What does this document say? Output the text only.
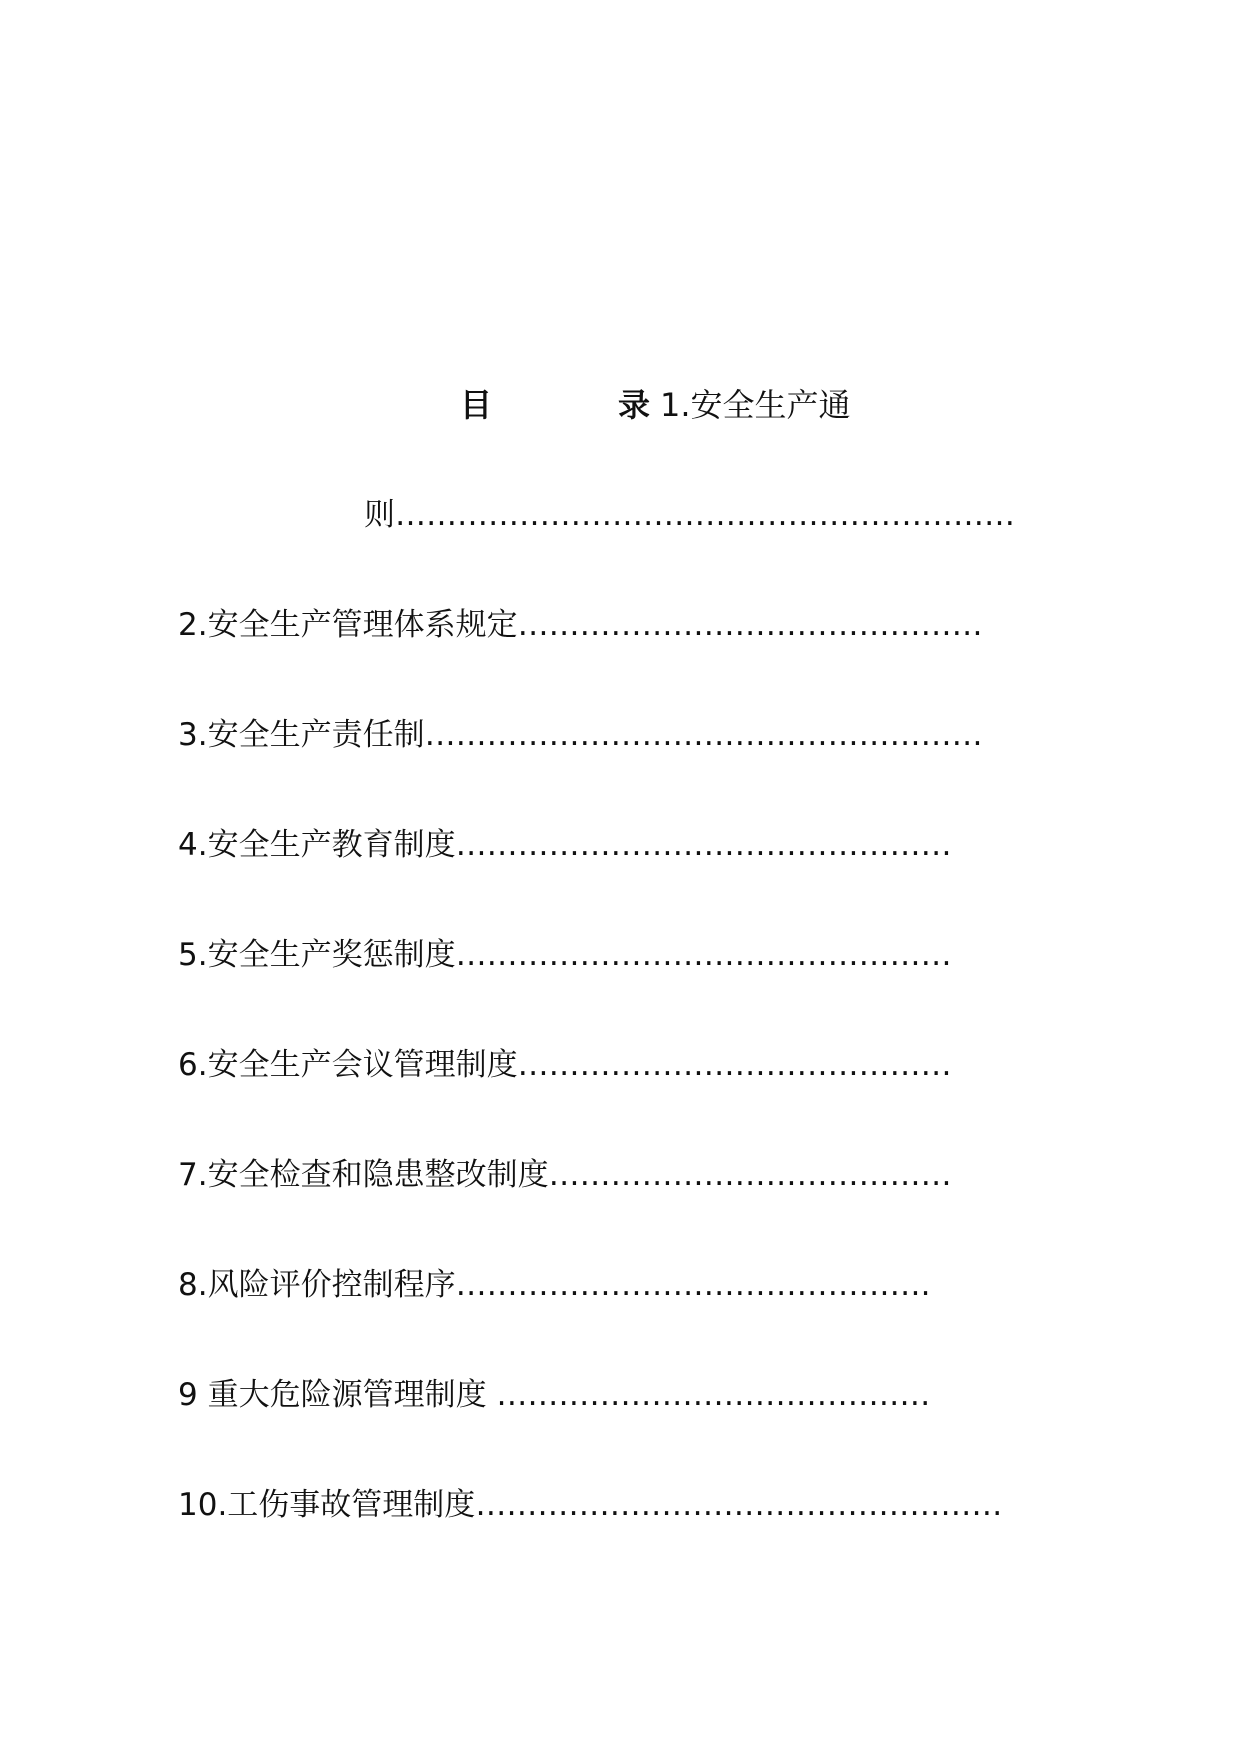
目	录 1.安全生产通
则……………………………………………………
2.安全生产管理体系规定………………………………………
3.安全生产责任制………………………………………………
4.安全生产教育制度…………………………………………
5.安全生产奖惩制度…………………………………………
6.安全生产会议管理制度……………………………………
7.安全检查和隐患整改制度…………………………………
8.风险评价控制程序……………………………………….
9 重大危险源管理制度 ……………………………………
10.工伤事故管理制度……………………………………………
